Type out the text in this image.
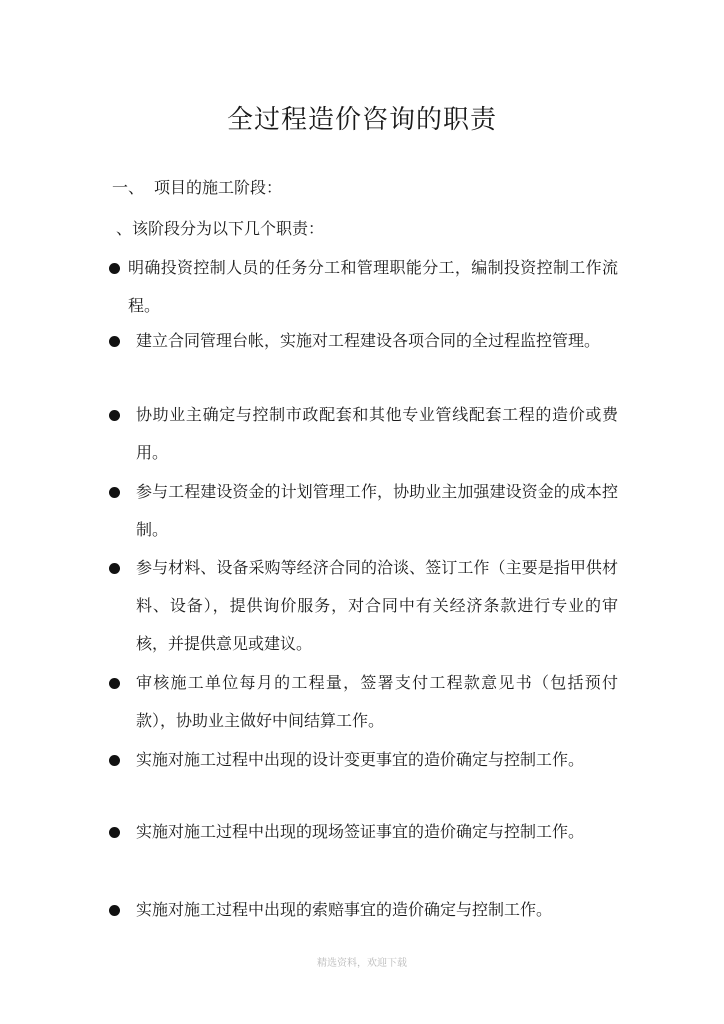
全过程造价咨询的职责
一、 项目的施工阶段：
、该阶段分为以下几个职责：
明确投资控制人员的任务分工和管理职能分工，编制投资控制工作流程。
建立合同管理台帐，实施对工程建设各项合同的全过程监控管理。
协助业主确定与控制市政配套和其他专业管线配套工程的造价或费用。
参与工程建设资金的计划管理工作，协助业主加强建设资金的成本控制。
参与材料、设备采购等经济合同的洽谈、签订工作（主要是指甲供材料、设备），提供询价服务，对合同中有关经济条款进行专业的审核，并提供意见或建议。
审核施工单位每月的工程量，签署支付工程款意见书（包括预付款），协助业主做好中间结算工作。
实施对施工过程中出现的设计变更事宜的造价确定与控制工作。
实施对施工过程中出现的现场签证事宜的造价确定与控制工作。
实施对施工过程中出现的索赔事宜的造价确定与控制工作。
精选资料，欢迎下载
